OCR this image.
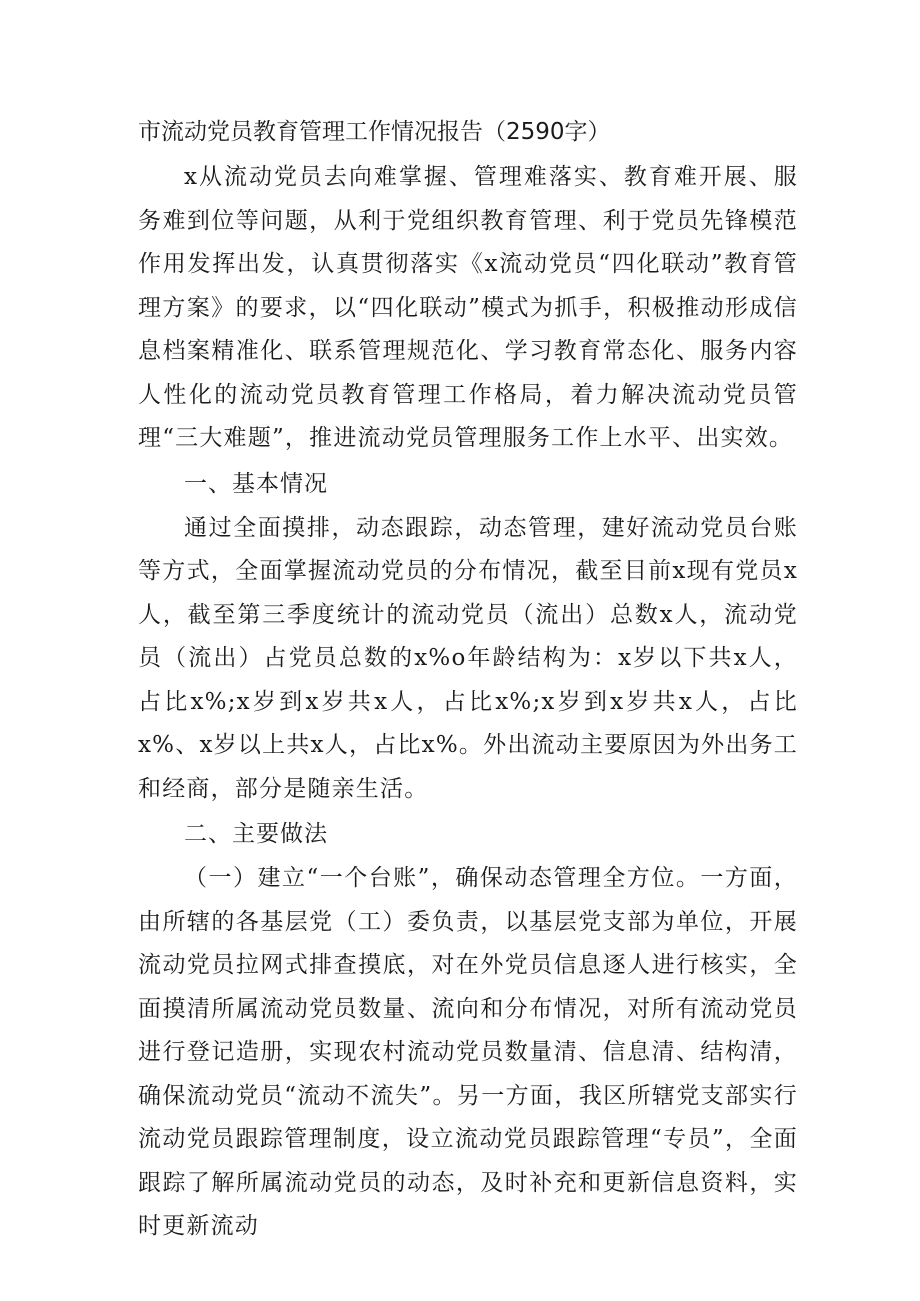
市流动党员教育管理工作情况报告（2590字）

x从流动党员去向难掌握、管理难落实、教育难开展、服务难到位等问题，从利于党组织教育管理、利于党员先锋模范作用发挥出发，认真贯彻落实《x流动党员“四化联动”教育管理方案》的要求，以“四化联动”模式为抓手，积极推动形成信息档案精准化、联系管理规范化、学习教育常态化、服务内容人性化的流动党员教育管理工作格局，着力解决流动党员管理“三大难题”，推进流动党员管理服务工作上水平、出实效。

一、基本情况

通过全面摸排，动态跟踪，动态管理，建好流动党员台账等方式，全面掌握流动党员的分布情况，截至目前x现有党员x人，截至第三季度统计的流动党员（流出）总数x人，流动党员（流出）占党员总数的x%o年龄结构为：x岁以下共x人，占比x%;x岁到x岁共x人，占比x%;x岁到x岁共x人，占比x%、x岁以上共x人，占比x%。外出流动主要原因为外出务工和经商，部分是随亲生活。

二、主要做法

（一）建立“一个台账”，确保动态管理全方位。一方面，由所辖的各基层党（工）委负责，以基层党支部为单位，开展流动党员拉网式排查摸底，对在外党员信息逐人进行核实，全面摸清所属流动党员数量、流向和分布情况，对所有流动党员进行登记造册，实现农村流动党员数量清、信息清、结构清，确保流动党员“流动不流失”。另一方面，我区所辖党支部实行流动党员跟踪管理制度，设立流动党员跟踪管理“专员”，全面跟踪了解所属流动党员的动态，及时补充和更新信息资料，实时更新流动
